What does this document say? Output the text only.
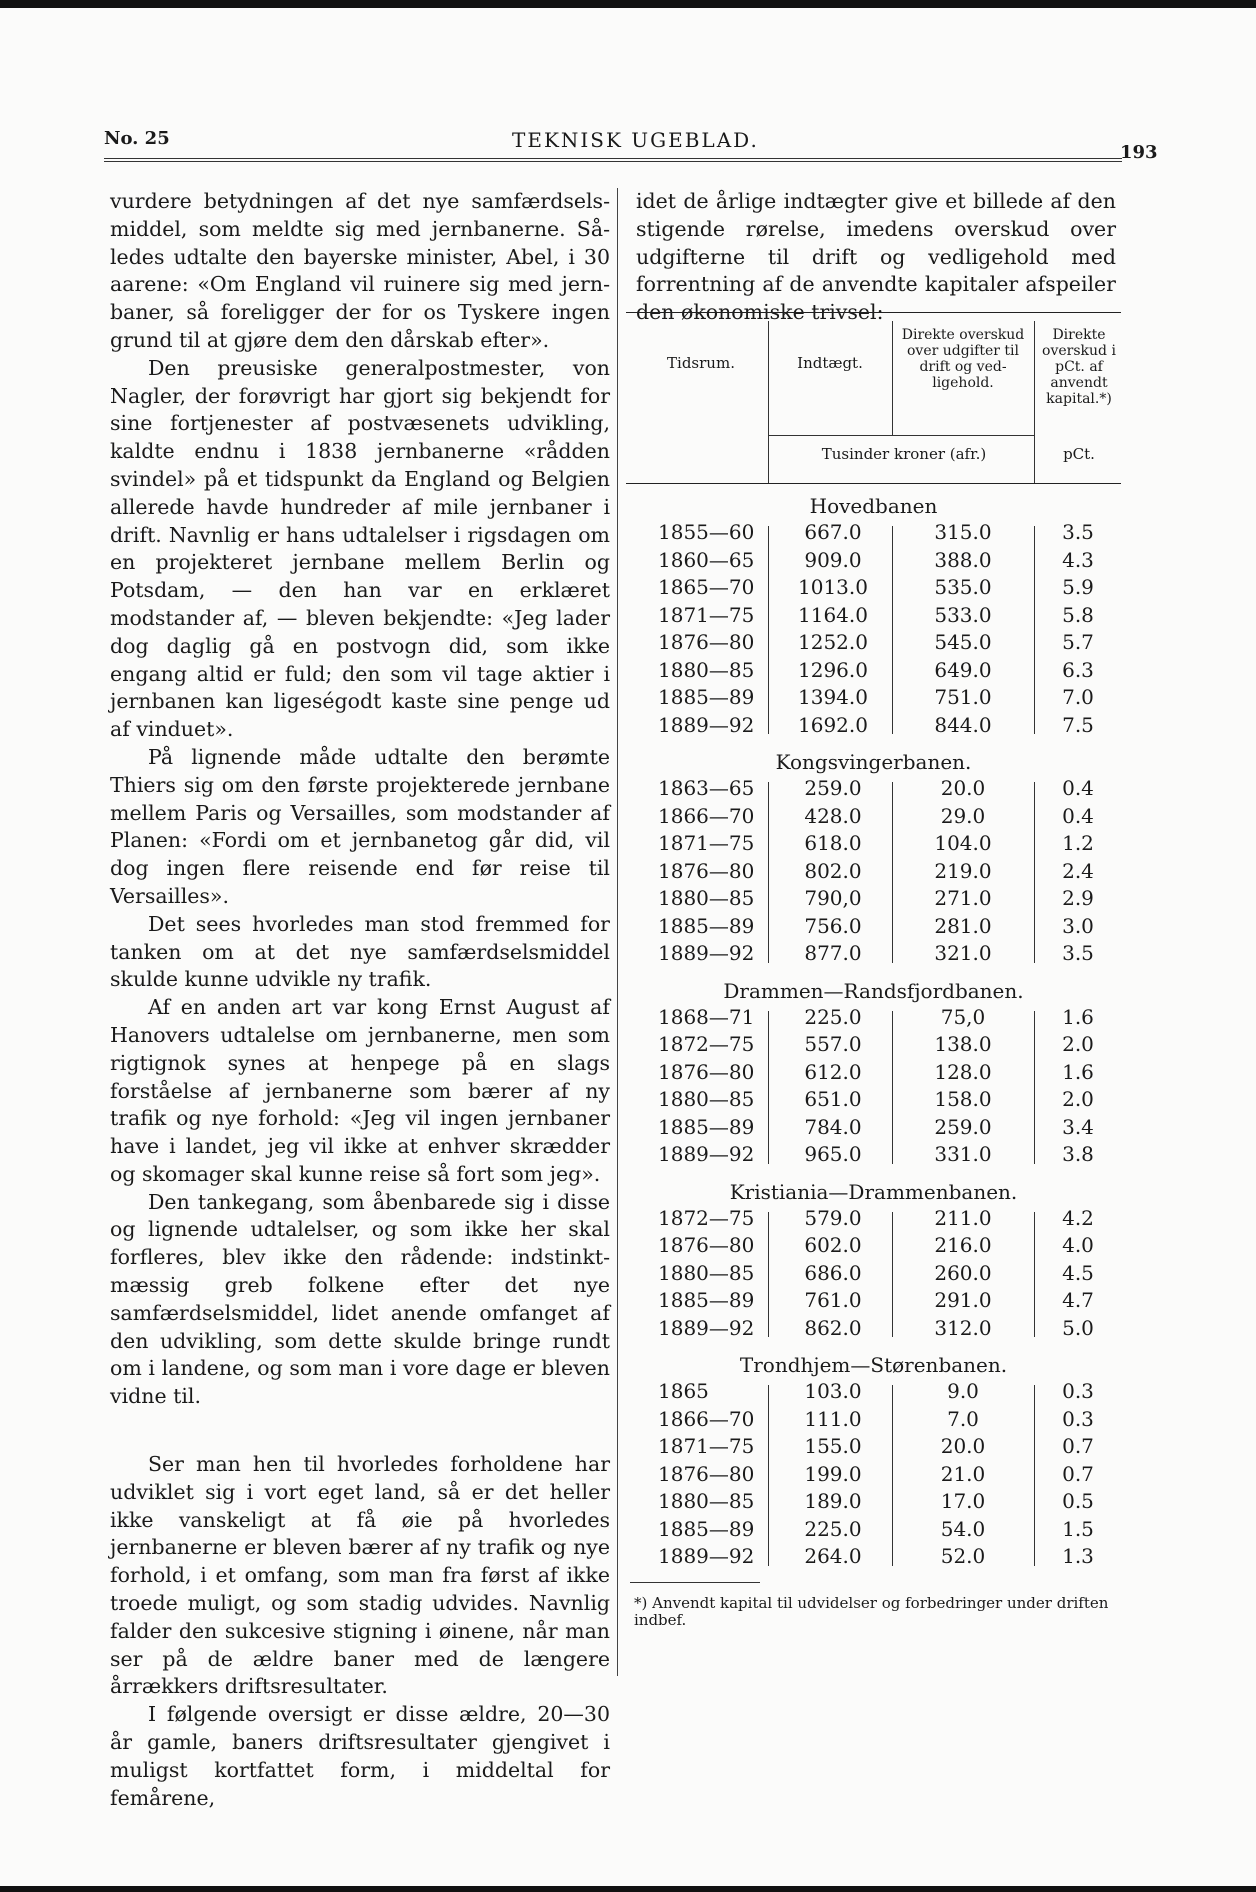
No. 25	TEKNISK UGEBLAD.
193

vurdere betydningen af det nye samfærdselsmiddel, som meldte sig med jernbanerne. Således udtalte den bayerske minister, Abel, i 30 aarene: «Om England vil ruinere sig med jernbaner, så foreligger der for os Tyskere ingen grund til at gjøre dem den dårskab efter».

Den preusiske generalpostmester, von Nagler, der forøvrigt har gjort sig bekjendt for sine fortjenester af postvæsenets udvikling, kaldte endnu i 1838 jernbanerne «rådden svindel» på et tidspunkt da England og Belgien allerede havde hundreder af mile jernbaner i drift. Navnlig er hans udtalelser i rigsdagen om en projekteret jernbane mellem Berlin og Potsdam, — den han var en erklæret modstander af, — bleven bekjendte: «Jeg lader dog daglig gå en postvogn did, som ikke engang altid er fuld; den som vil tage aktier i jernbanen kan ligeségodt kaste sine penge ud af vinduet».

På lignende måde udtalte den berømte Thiers sig om den første projekterede jernbane mellem Paris og Versailles, som modstander af Planen: «Fordi om et jernbanetog går did, vil dog ingen flere reisende end før reise til Versailles».

Det sees hvorledes man stod fremmed for tanken om at det nye samfærdselsmiddel skulde kunne udvikle ny trafik.

Af en anden art var kong Ernst August af Hanovers udtalelse om jernbanerne, men som rigtignok synes at henpege på en slags forståelse af jernbanerne som bærer af ny trafik og nye forhold: «Jeg vil ingen jernbaner have i landet, jeg vil ikke at enhver skrædder og skomager skal kunne reise så fort som jeg».

Den tankegang, som åbenbarede sig i disse og lignende udtalelser, og som ikke her skal forfleres, blev ikke den rådende: indstinktmæssig greb folkene efter det nye samfærdselsmiddel, lidet anende omfanget af den udvikling, som dette skulde bringe rundt om i landene, og som man i vore dage er bleven vidne til.

Ser man hen til hvorledes forholdene har udviklet sig i vort eget land, så er det heller ikke vanskeligt at få øie på hvorledes jernbanerne er bleven bærer af ny trafik og nye forhold, i et omfang, som man fra først af ikke troede muligt, og som stadig udvides. Navnlig falder den sukcesive stigning i øinene, når man ser på de ældre baner med de længere årrækkers driftsresultater.

I følgende oversigt er disse ældre, 20—30 år gamle, baners driftsresultater gjengivet i muligst kortfattet form, i middeltal for femårene,

idet de årlige indtægter give et billede af den stigende rørelse, imedens overskud over udgifterne til drift og vedligehold med forrentning af de anvendte kapitaler afspeiler den økonomiske trivsel:

Tidsrum.	Indtægt.
Direkte overskud over udgifter til drift og vedligehold.
Direkte overskud i pCt. af anvendt kapital.*)
Tusinder kroner (afr.)	pCt.
Hovedbanen
1855—60	667.0	315.0	3.5
1860—65	909.0	388.0	4.3
1865—70	1013.0	535.0	5.9
1871—75	1164.0	533.0	5.8
1876—80	1252.0	545.0	5.7
1880—85	1296.0	649.0	6.3
1885—89	1394.0	751.0	7.0
1889—92	1692.0	844.0	7.5
Kongsvingerbanen.
1863—65	259.0	20.0	0.4
1866—70	428.0	29.0	0.4
1871—75	618.0	104.0	1.2
1876—80	802.0	219.0	2.4
1880—85	790,0	271.0	2.9
1885—89	756.0	281.0	3.0
1889—92	877.0	321.0	3.5
Drammen—Randsfjordbanen.
1868—71	225.0	75,0	1.6
1872—75	557.0	138.0	2.0
1876—80	612.0	128.0	1.6
1880—85	651.0	158.0	2.0
1885—89	784.0	259.0	3.4
1889—92	965.0	331.0	3.8
Kristiania—Drammenbanen.
1872—75	579.0	211.0	4.2
1876—80	602.0	216.0	4.0
1880—85	686.0	260.0	4.5
1885—89	761.0	291.0	4.7
1889—92	862.0	312.0	5.0
Trondhjem—Størenbanen.
1865	103.0	9.0	0.3
1866—70	111.0	7.0	0.3
1871—75	155.0	20.0	0.7
1876—80	199.0	21.0	0.7
1880—85	189.0	17.0	0.5
1885—89	225.0	54.0	1.5
1889—92	264.0	52.0	1.3
*) Anvendt kapital til udvidelser og forbedringer under driften indbef.
